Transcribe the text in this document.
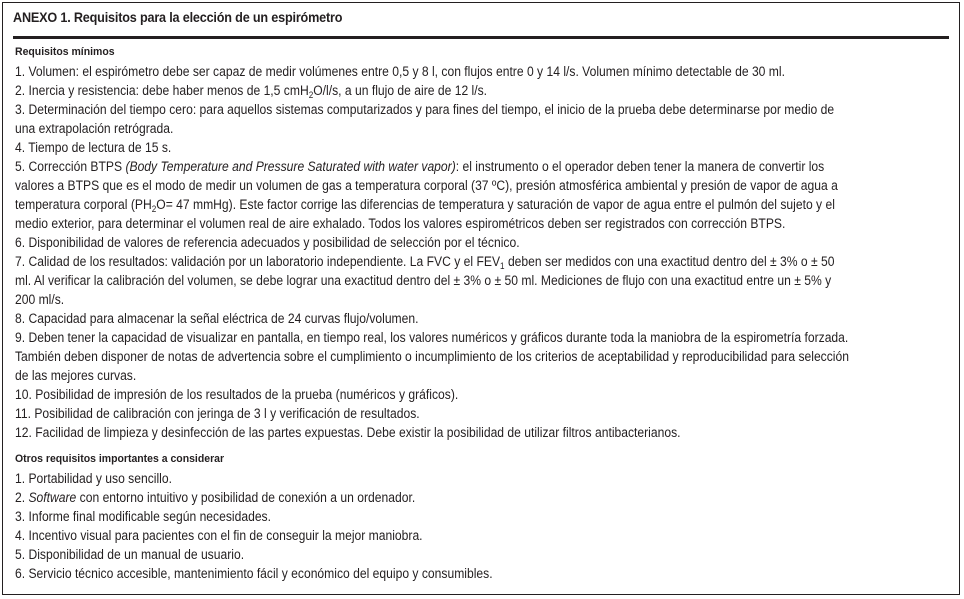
ANEXO 1. Requisitos para la elección de un espirómetro
Requisitos mínimos
1. Volumen: el espirómetro debe ser capaz de medir volúmenes entre 0,5 y 8 l, con flujos entre 0 y 14 l/s. Volumen mínimo detectable de 30 ml.
2. Inercia y resistencia: debe haber menos de 1,5 cmH$_2$O/l/s, a un flujo de aire de 12 l/s.
3. Determinación del tiempo cero: para aquellos sistemas computarizados y para fines del tiempo, el inicio de la prueba debe determinarse por medio de
una extrapolación retrógrada.
4. Tiempo de lectura de 15 s.
5. Corrección BTPS (Body Temperature and Pressure Saturated with water vapor): el instrumento o el operador deben tener la manera de convertir los
valores a BTPS que es el modo de medir un volumen de gas a temperatura corporal (37 ºC), presión atmosférica ambiental y presión de vapor de agua a
temperatura corporal ($PH_2O= 47$ mmHg). Este factor corrige las diferencias de temperatura y saturación de vapor de agua entre el pulmón del sujeto y el
medio exterior, para determinar el volumen real de aire exhalado. Todos los valores espirométricos deben ser registrados con corrección BTPS.
6. Disponibilidad de valores de referencia adecuados y posibilidad de selección por el técnico.
7. Calidad de los resultados: validación por un laboratorio independiente. La FVC y el $FEV_1$ deben ser medidos con una exactitud dentro del ± 3% o ± 50
ml. Al verificar la calibración del volumen, se debe lograr una exactitud dentro del ± 3% o ± 50 ml. Mediciones de flujo con una exactitud entre un ± 5% y
200 ml/s.
8. Capacidad para almacenar la señal eléctrica de 24 curvas flujo/volumen.
9. Deben tener la capacidad de visualizar en pantalla, en tiempo real, los valores numéricos y gráficos durante toda la maniobra de la espirometría forzada.
También deben disponer de notas de advertencia sobre el cumplimiento o incumplimiento de los criterios de aceptabilidad y reproducibilidad para selección
de las mejores curvas.
10. Posibilidad de impresión de los resultados de la prueba (numéricos y gráficos).
11. Posibilidad de calibración con jeringa de 3 l y verificación de resultados.
12. Facilidad de limpieza y desinfección de las partes expuestas. Debe existir la posibilidad de utilizar filtros antibacterianos.
Otros requisitos importantes a considerar
1. Portabilidad y uso sencillo.
2. Software con entorno intuitivo y posibilidad de conexión a un ordenador.
3. Informe final modificable según necesidades.
4. Incentivo visual para pacientes con el fin de conseguir la mejor maniobra.
5. Disponibilidad de un manual de usuario.
6. Servicio técnico accesible, mantenimiento fácil y económico del equipo y consumibles.
